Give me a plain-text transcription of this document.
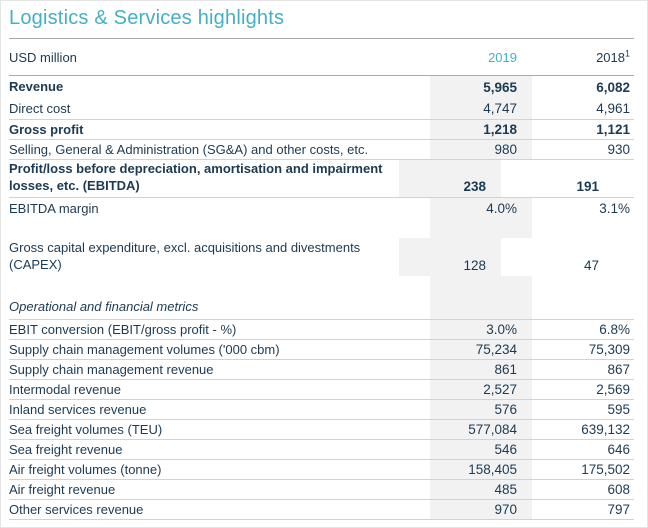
Logistics & Services highlights
USD million	2019	2018$^1$
Revenue	5,965	6,082
Direct cost	4,747	4,961
Gross profit	1,218	1,121
Selling, General & Administration (SG&A) and other costs, etc.	980	930
Profit/loss before depreciation, amortisation and impairment losses, etc. (EBITDA)	238	191
EBITDA margin	4.0%	3.1%
Gross capital expenditure, excl. acquisitions and divestments (CAPEX)	128	47
Operational and financial metrics
EBIT conversion (EBIT/gross profit - %)	3.0%	6.8%
Supply chain management volumes ('000 cbm)	75,234	75,309
Supply chain management revenue	861	867
Intermodal revenue	2,527	2,569
Inland services revenue	576	595
Sea freight volumes (TEU)	577,084	639,132
Sea freight revenue	546	646
Air freight volumes (tonne)	158,405	175,502
Air freight revenue	485	608
Other services revenue	970	797
